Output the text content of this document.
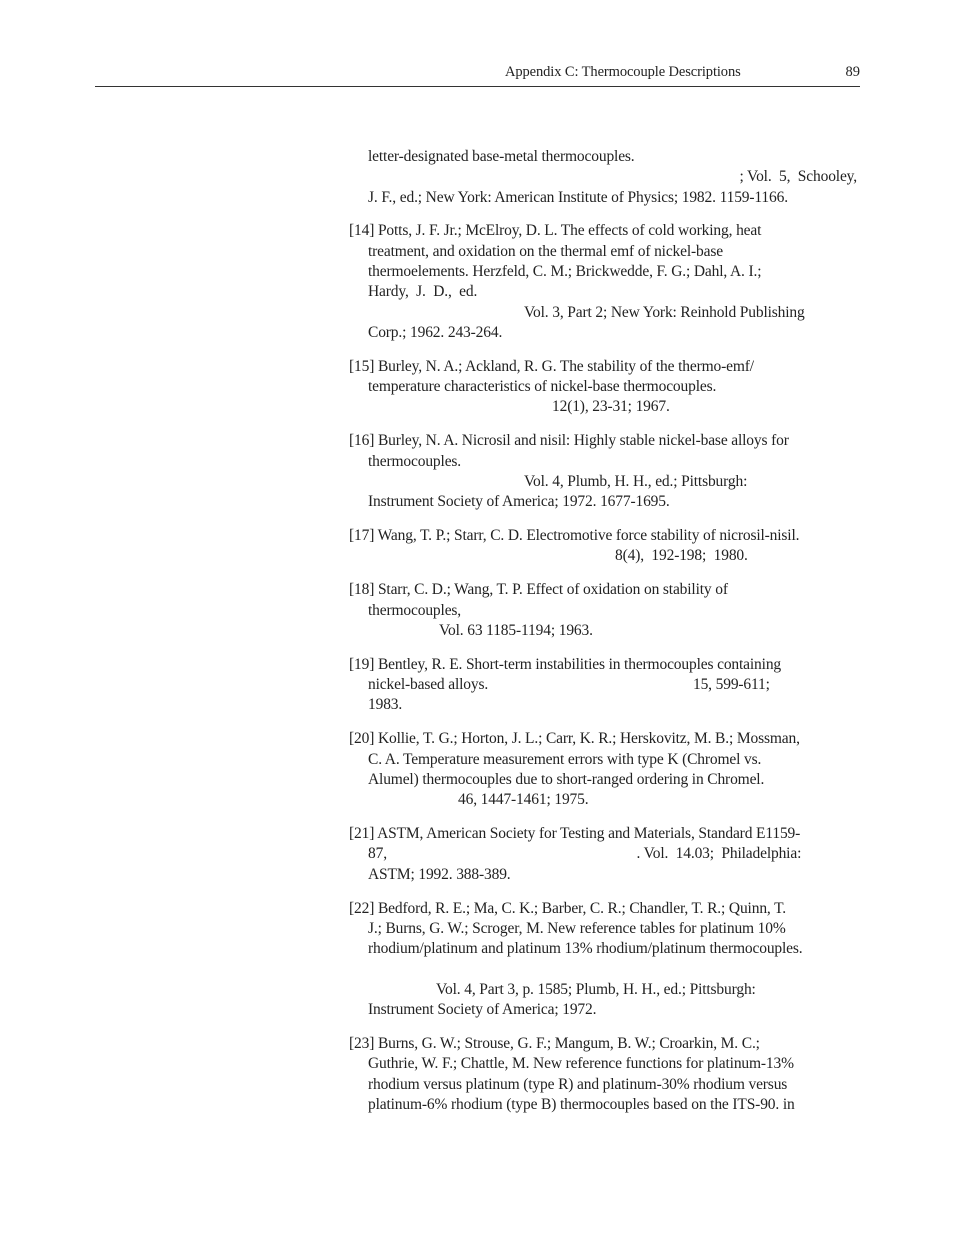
Appendix C: Thermocouple Descriptions	89
letter-designated base-metal thermocouples.
; Vol.  5,  Schooley,
J. F., ed.; New York: American Institute of Physics; 1982. 1159-1166.
[14] Potts, J. F. Jr.; McElroy, D. L. The effects of cold working, heat
treatment, and oxidation on the thermal emf of nickel-base
thermoelements. Herzfeld, C. M.; Brickwedde, F. G.; Dahl, A. I.;
Hardy,  J.  D.,  ed.
Vol. 3, Part 2; New York: Reinhold Publishing
Corp.; 1962. 243-264.
[15] Burley, N. A.; Ackland, R. G. The stability of the thermo-emf/
temperature characteristics of nickel-base thermocouples.
12(1), 23-31; 1967.
[16] Burley, N. A. Nicrosil and nisil: Highly stable nickel-base alloys for
thermocouples.
Vol. 4, Plumb, H. H., ed.; Pittsburgh:
Instrument Society of America; 1972. 1677-1695.
[17] Wang, T. P.; Starr, C. D. Electromotive force stability of nicrosil-nisil.
8(4),  192-198;  1980.
[18] Starr, C. D.; Wang, T. P. Effect of oxidation on stability of
thermocouples,
Vol. 63 1185-1194; 1963.
[19] Bentley, R. E. Short-term instabilities in thermocouples containing
nickel-based alloys.                                                       15, 599-611;
1983.
[20] Kollie, T. G.; Horton, J. L.; Carr, K. R.; Herskovitz, M. B.; Mossman,
C. A. Temperature measurement errors with type K (Chromel vs.
Alumel) thermocouples due to short-ranged ordering in Chromel.
46, 1447-1461; 1975.
[21] ASTM, American Society for Testing and Materials, Standard E1159-
87,                                                                   . Vol.  14.03;  Philadelphia:
ASTM; 1992. 388-389.
[22] Bedford, R. E.; Ma, C. K.; Barber, C. R.; Chandler, T. R.; Quinn, T.
J.; Burns, G. W.; Scroger, M. New reference tables for platinum 10%
rhodium/platinum and platinum 13% rhodium/platinum thermocouples.
Vol. 4, Part 3, p. 1585; Plumb, H. H., ed.; Pittsburgh:
Instrument Society of America; 1972.
[23] Burns, G. W.; Strouse, G. F.; Mangum, B. W.; Croarkin, M. C.;
Guthrie, W. F.; Chattle, M. New reference functions for platinum-13%
rhodium versus platinum (type R) and platinum-30% rhodium versus
platinum-6% rhodium (type B) thermocouples based on the ITS-90. in
